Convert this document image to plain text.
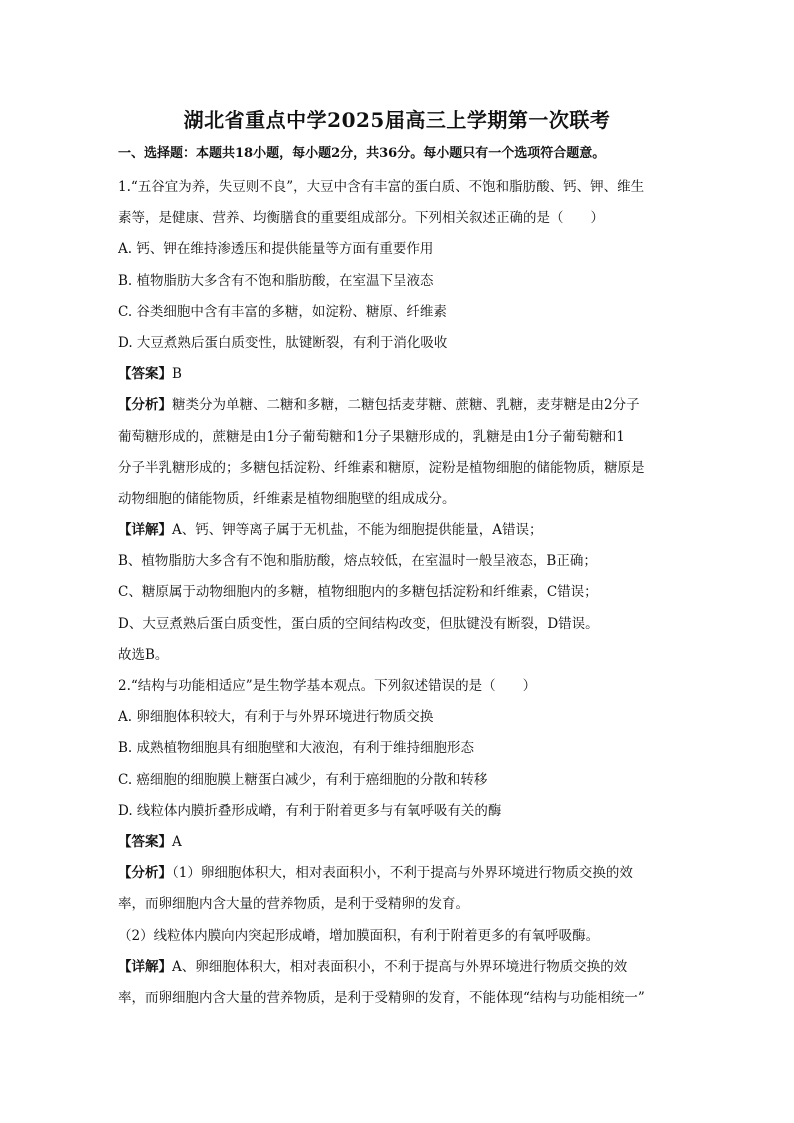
湖北省重点中学2025届高三上学期第一次联考
一、选择题：本题共18小题，每小题2分，共36分。每小题只有一个选项符合题意。
1.“五谷宜为养，失豆则不良”，大豆中含有丰富的蛋白质、不饱和脂肪酸、钙、钾、维生
素等，是健康、营养、均衡膳食的重要组成部分。下列相关叙述正确的是（　　）
A. 钙、钾在维持渗透压和提供能量等方面有重要作用
B. 植物脂肪大多含有不饱和脂肪酸，在室温下呈液态
C. 谷类细胞中含有丰富的多糖，如淀粉、糖原、纤维素
D. 大豆煮熟后蛋白质变性，肽键断裂，有利于消化吸收
【答案】B
【分析】糖类分为单糖、二糖和多糖，二糖包括麦芽糖、蔗糖、乳糖，麦芽糖是由2分子
葡萄糖形成的，蔗糖是由1分子葡萄糖和1分子果糖形成的，乳糖是由1分子葡萄糖和1
分子半乳糖形成的；多糖包括淀粉、纤维素和糖原，淀粉是植物细胞的储能物质，糖原是
动物细胞的储能物质，纤维素是植物细胞壁的组成成分。
【详解】A、钙、钾等离子属于无机盐，不能为细胞提供能量，A错误；
B、植物脂肪大多含有不饱和脂肪酸，熔点较低，在室温时一般呈液态，B正确；
C、糖原属于动物细胞内的多糖，植物细胞内的多糖包括淀粉和纤维素，C错误；
D、大豆煮熟后蛋白质变性，蛋白质的空间结构改变，但肽键没有断裂，D错误。
故选B。
2.“结构与功能相适应”是生物学基本观点。下列叙述错误的是（　　）
A. 卵细胞体积较大，有利于与外界环境进行物质交换
B. 成熟植物细胞具有细胞壁和大液泡，有利于维持细胞形态
C. 癌细胞的细胞膜上糖蛋白减少，有利于癌细胞的分散和转移
D. 线粒体内膜折叠形成嵴，有利于附着更多与有氧呼吸有关的酶
【答案】A
【分析】（1）卵细胞体积大，相对表面积小，不利于提高与外界环境进行物质交换的效
率，而卵细胞内含大量的营养物质，是利于受精卵的发育。
（2）线粒体内膜向内突起形成嵴，增加膜面积，有利于附着更多的有氧呼吸酶。
【详解】A、卵细胞体积大，相对表面积小，不利于提高与外界环境进行物质交换的效
率，而卵细胞内含大量的营养物质，是利于受精卵的发育，不能体现“结构与功能相统一”
